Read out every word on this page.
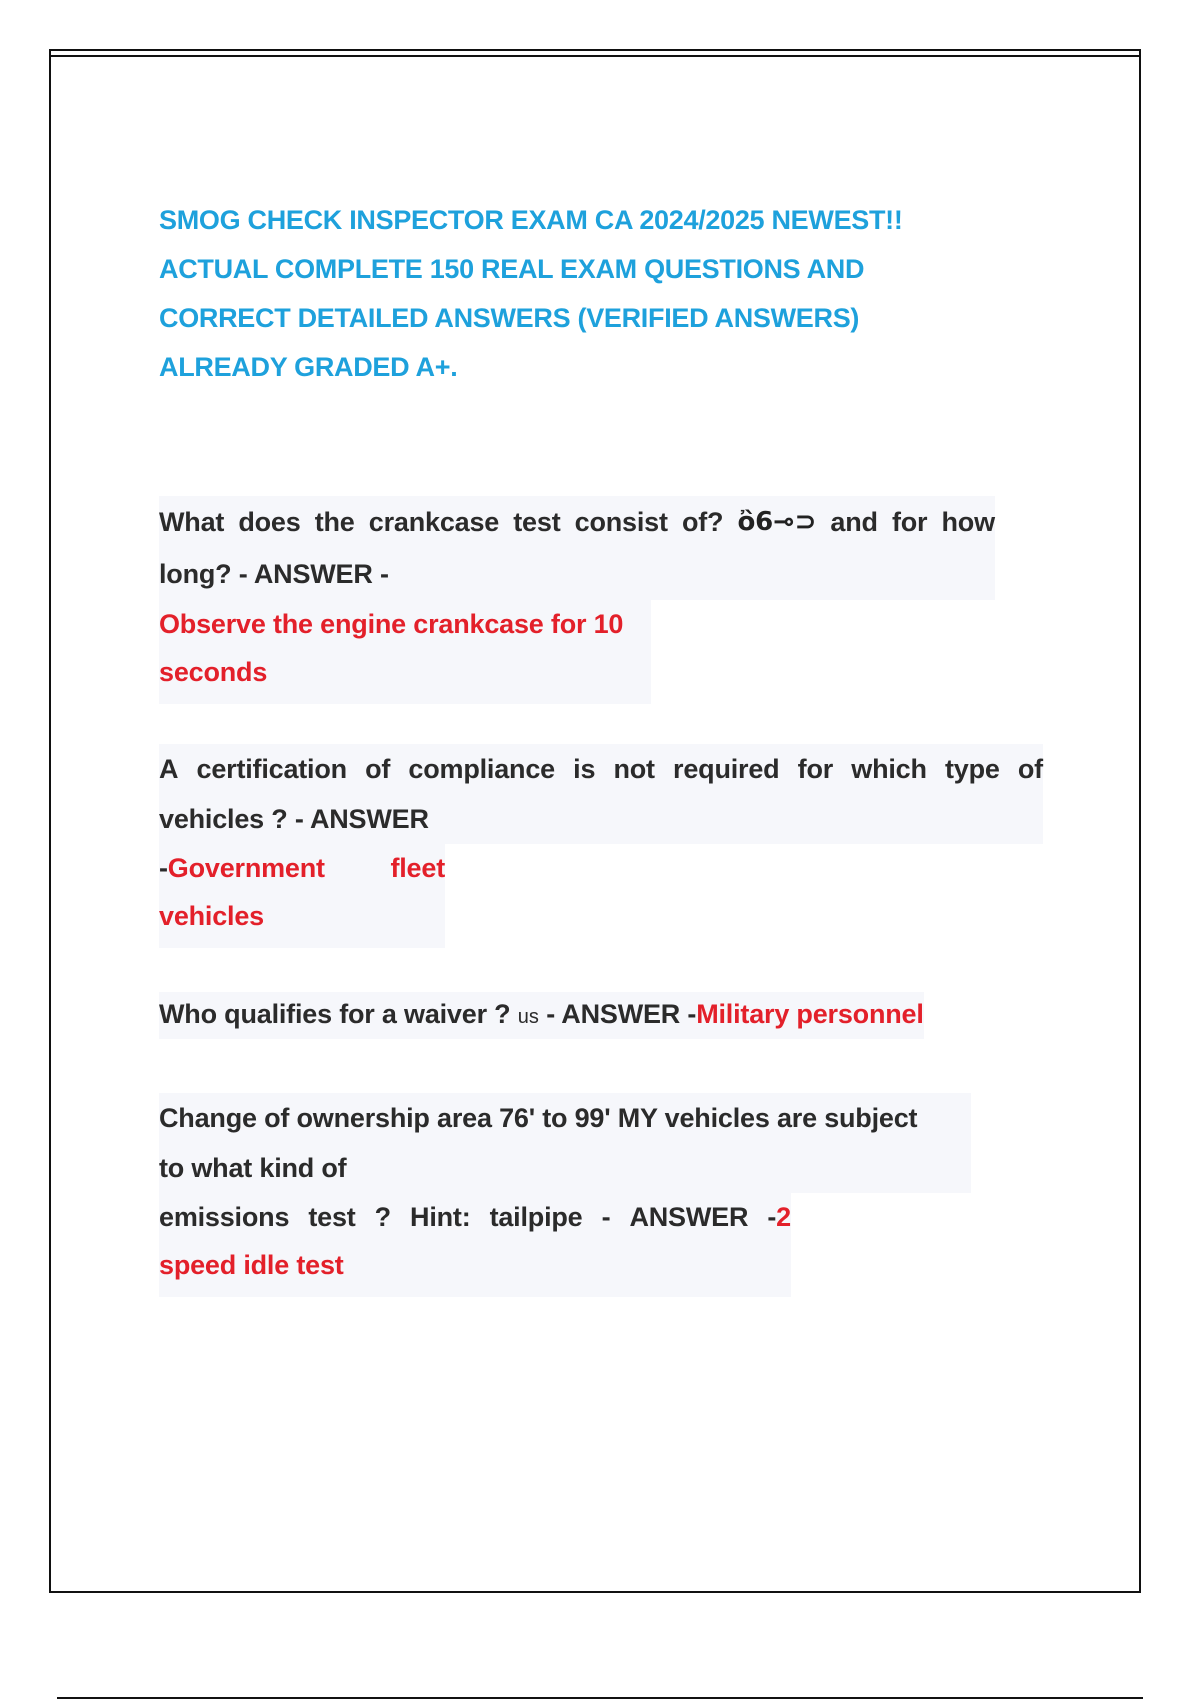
SMOG CHECK INSPECTOR EXAM CA 2024/2025 NEWEST!!
ACTUAL COMPLETE 150 REAL EXAM QUESTIONS AND
CORRECT DETAILED ANSWERS (VERIFIED ANSWERS)
ALREADY GRADED A+.
What does the crankcase test consist of? ὂ6⊸⊃ and for how
long? - ANSWER -
Observe the engine crankcase for 10
seconds
A certification of compliance is not required for which type of
vehicles ? - ANSWER
-Government fleet
vehicles
Who qualifies for a waiver ? us - ANSWER -Military personnel
Change of ownership area 76' to 99' MY vehicles are subject
to what kind of
emissions test ? Hint: tailpipe - ANSWER -2
speed idle test
